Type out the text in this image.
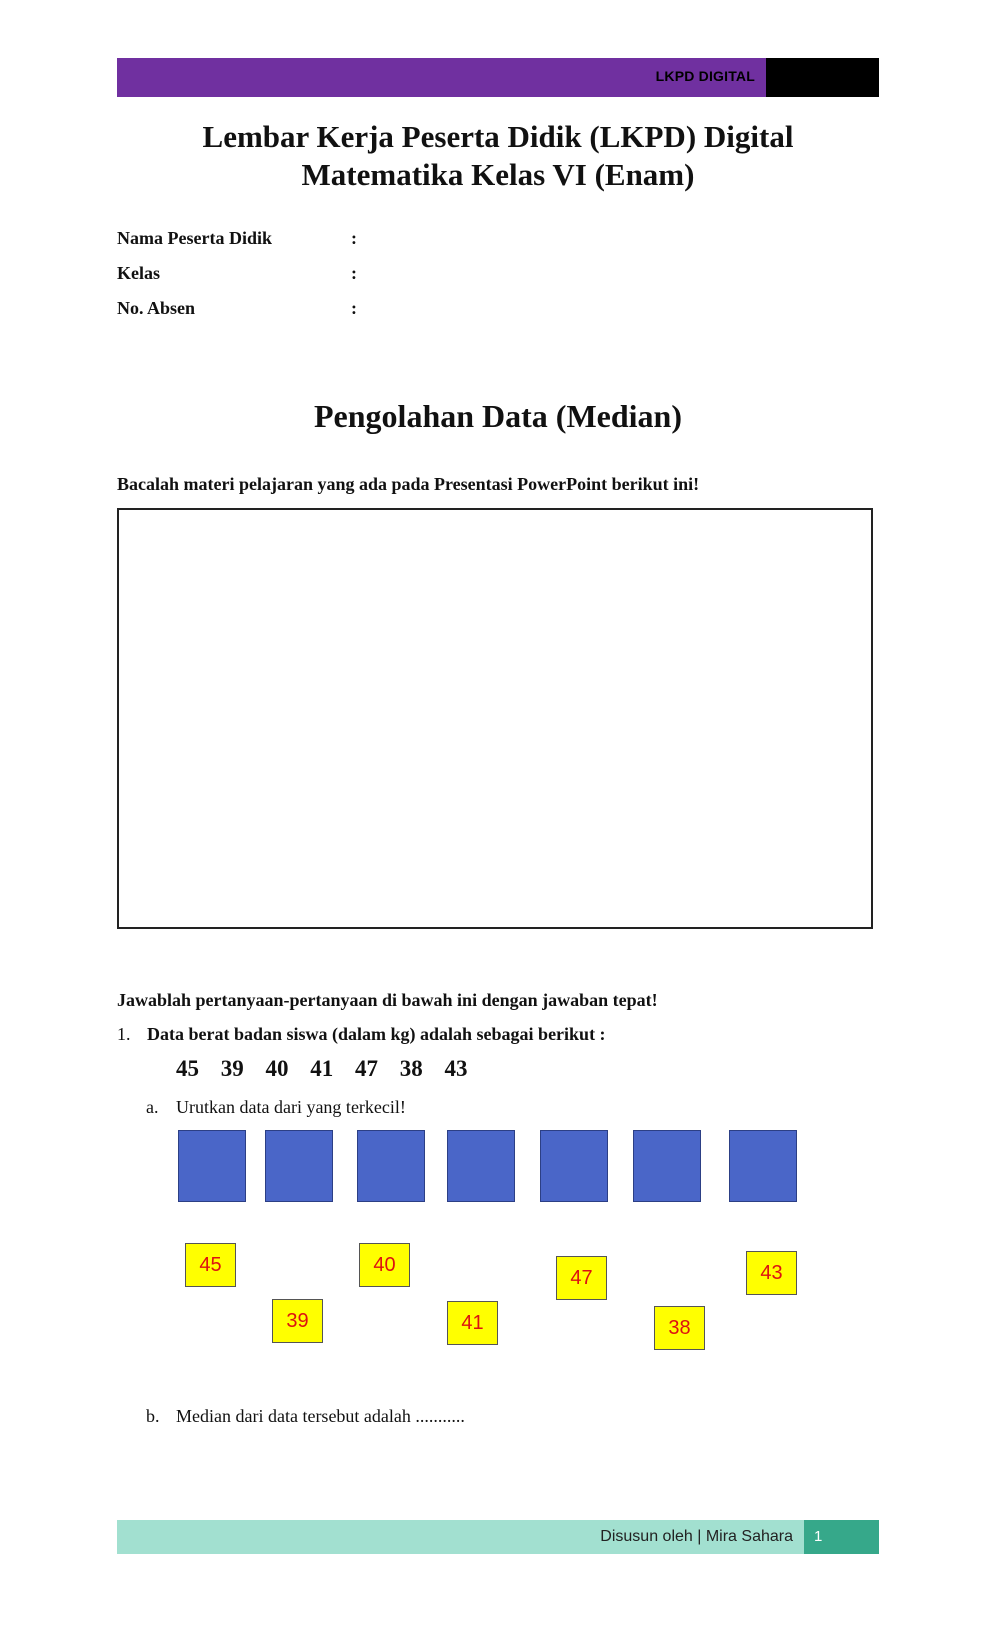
LKPD DIGITAL
Lembar Kerja Peserta Didik (LKPD) Digital
Matematika Kelas VI (Enam)
Nama Peserta Didik	:
Kelas	:
No. Absen	:
Pengolahan Data (Median)
Bacalah materi pelajaran yang ada pada Presentasi PowerPoint berikut ini!
Jawablah pertanyaan-pertanyaan di bawah ini dengan jawaban tepat!
1. Data berat badan siswa (dalam kg) adalah sebagai berikut :
45 39 40 41 47 38 43
a. Urutkan data dari yang terkecil!
45
39
40
41
47
38
43
b. Median dari data tersebut adalah ...........
Disusun oleh | Mira Sahara 1
